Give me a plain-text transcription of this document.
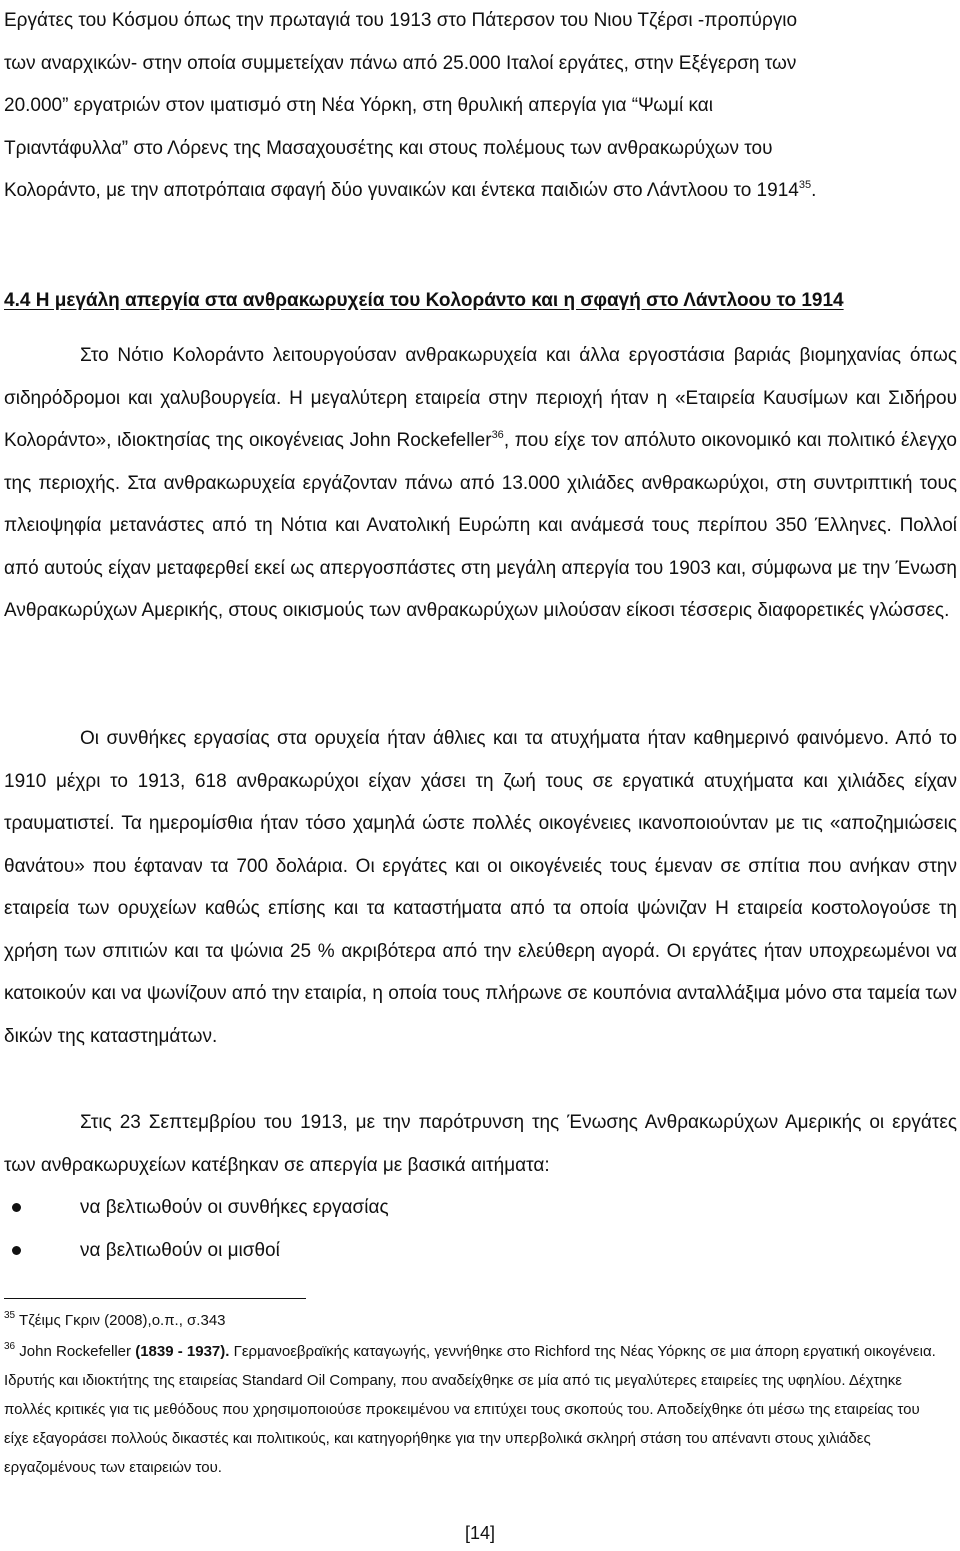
Εργάτες του Κόσμου όπως την πρωταγιά του 1913 στο Πάτερσον του Νιου Τζέρσι -προπύργιο
των αναρχικών- στην οποία συμμετείχαν πάνω από 25.000 Ιταλοί εργάτες, στην Εξέγερση των
20.000” εργατριών στον ιματισμό στη Νέα Υόρκη, στη θρυλική απεργία για “Ψωμί και
Τριαντάφυλλα” στο Λόρενς της Μασαχουσέτης και στους πολέμους των ανθρακωρύχων του
Κολοράντο, με την αποτρόπαια σφαγή δύο γυναικών και έντεκα παιδιών στο Λάντλοου το 1914$^{35}$.

4.4 Η μεγάλη απεργία στα ανθρακωρυχεία του Κολοράντο και η σφαγή στο Λάντλοου το 1914

Στο Νότιο Κολοράντο λειτουργούσαν ανθρακωρυχεία και άλλα εργοστάσια βαριάς βιομηχανίας όπως σιδηρόδρομοι και χαλυβουργεία. Η μεγαλύτερη εταιρεία στην περιοχή ήταν η «Εταιρεία Καυσίμων και Σιδήρου Κολοράντο», ιδιοκτησίας της οικογένειας John Rockefeller$^{36}$, που είχε τον απόλυτο οικονομικό και πολιτικό έλεγχο της περιοχής. Στα ανθρακωρυχεία εργάζονταν πάνω από 13.000 χιλιάδες ανθρακωρύχοι, στη συντριπτική τους πλειοψηφία μετανάστες από τη Νότια και Ανατολική Ευρώπη και ανάμεσά τους περίπου 350 Έλληνες. Πολλοί από αυτούς είχαν μεταφερθεί εκεί ως απεργοσπάστες στη μεγάλη απεργία του 1903 και, σύμφωνα με την Ένωση Ανθρακωρύχων Αμερικής, στους οικισμούς των ανθρακωρύχων μιλούσαν είκοσι τέσσερις διαφορετικές γλώσσες.

Οι συνθήκες εργασίας στα ορυχεία ήταν άθλιες και τα ατυχήματα ήταν καθημερινό φαινόμενο. Από το 1910 μέχρι το 1913, 618 ανθρακωρύχοι είχαν χάσει τη ζωή τους σε εργατικά ατυχήματα και χιλιάδες είχαν τραυματιστεί. Τα ημερομίσθια ήταν τόσο χαμηλά ώστε πολλές οικογένειες ικανοποιούνταν με τις «αποζημιώσεις θανάτου» που έφταναν τα 700 δολάρια. Οι εργάτες και οι οικογένειές τους έμεναν σε σπίτια που ανήκαν στην εταιρεία των ορυχείων καθώς επίσης και τα καταστήματα από τα οποία ψώνιζαν Η εταιρεία κοστολογούσε τη χρήση των σπιτιών και τα ψώνια 25 % ακριβότερα από την ελεύθερη αγορά. Οι εργάτες ήταν υποχρεωμένοι να κατοικούν και να ψωνίζουν από την εταιρία, η οποία τους πλήρωνε σε κουπόνια ανταλλάξιμα μόνο στα ταμεία των δικών της καταστημάτων.

Στις 23 Σεπτεμβρίου του 1913, με την παρότρυνση της Ένωσης Ανθρακωρύχων Αμερικής οι εργάτες των ανθρακωρυχείων κατέβηκαν σε απεργία με βασικά αιτήματα:

να βελτιωθούν οι συνθήκες εργασίας
να βελτιωθούν οι μισθοί

$^{35}$ Τζέιμς Γκριν (2008),ο.π., σ.343

$^{36}$ John Rockefeller (1839 - 1937). Γερμανοεβραϊκής καταγωγής, γεννήθηκε στο Richford της Νέας Υόρκης σε μια άπορη εργατική οικογένεια. Ιδρυτής και ιδιοκτήτης της εταιρείας Standard Oil Company, που αναδείχθηκε σε μία από τις μεγαλύτερες εταιρείες της υφηλίου. Δέχτηκε πολλές κριτικές για τις μεθόδους που χρησιμοποιούσε προκειμένου να επιτύχει τους σκοπούς του. Αποδείχθηκε ότι μέσω της εταιρείας του είχε εξαγοράσει πολλούς δικαστές και πολιτικούς, και κατηγορήθηκε για την υπερβολικά σκληρή στάση του απέναντι στους χιλιάδες εργαζομένους των εταιρειών του.

[14]
